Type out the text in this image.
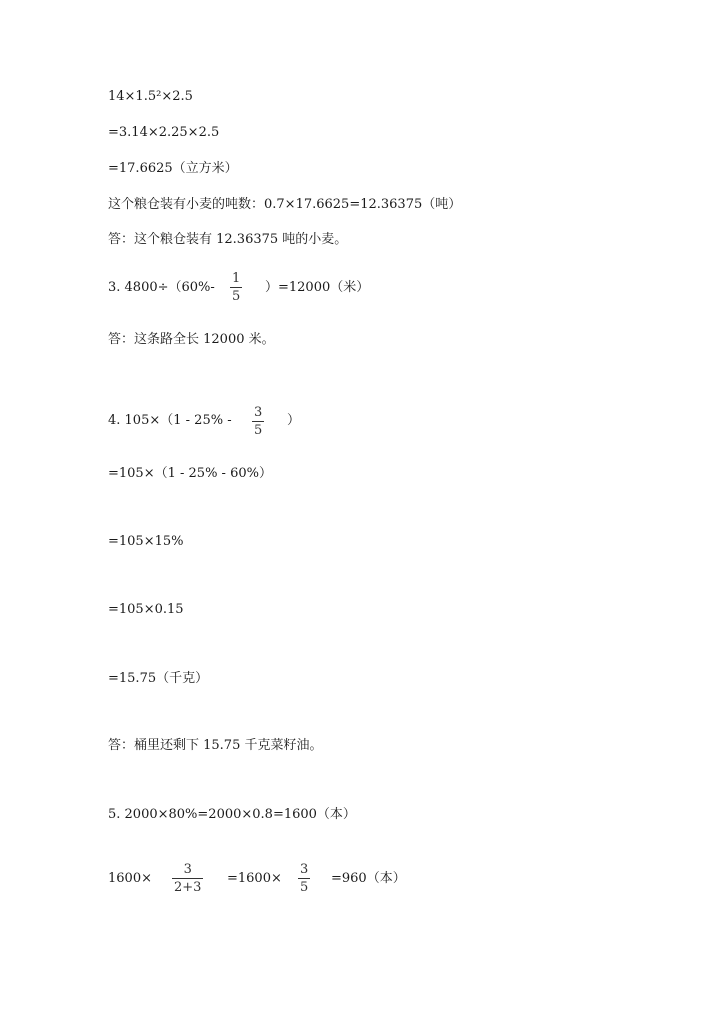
14×1.5²×2.5
=3.14×2.25×2.5
=17.6625（立方米）
这个粮仓装有小麦的吨数：0.7×17.6625=12.36375（吨）
答：这个粮仓装有 12.36375 吨的小麦。
3. 4800÷（60%-
1
5
）=12000（米）
答：这条路全长 12000 米。
4. 105×（1 - 25% -
3
5
）
=105×（1 - 25% - 60%）
=105×15%
=105×0.15
=15.75（千克）
答：桶里还剩下 15.75 千克菜籽油。
5. 2000×80%=2000×0.8=1600（本）
1600×
3
2+3
=1600×
3
5
=960（本）
